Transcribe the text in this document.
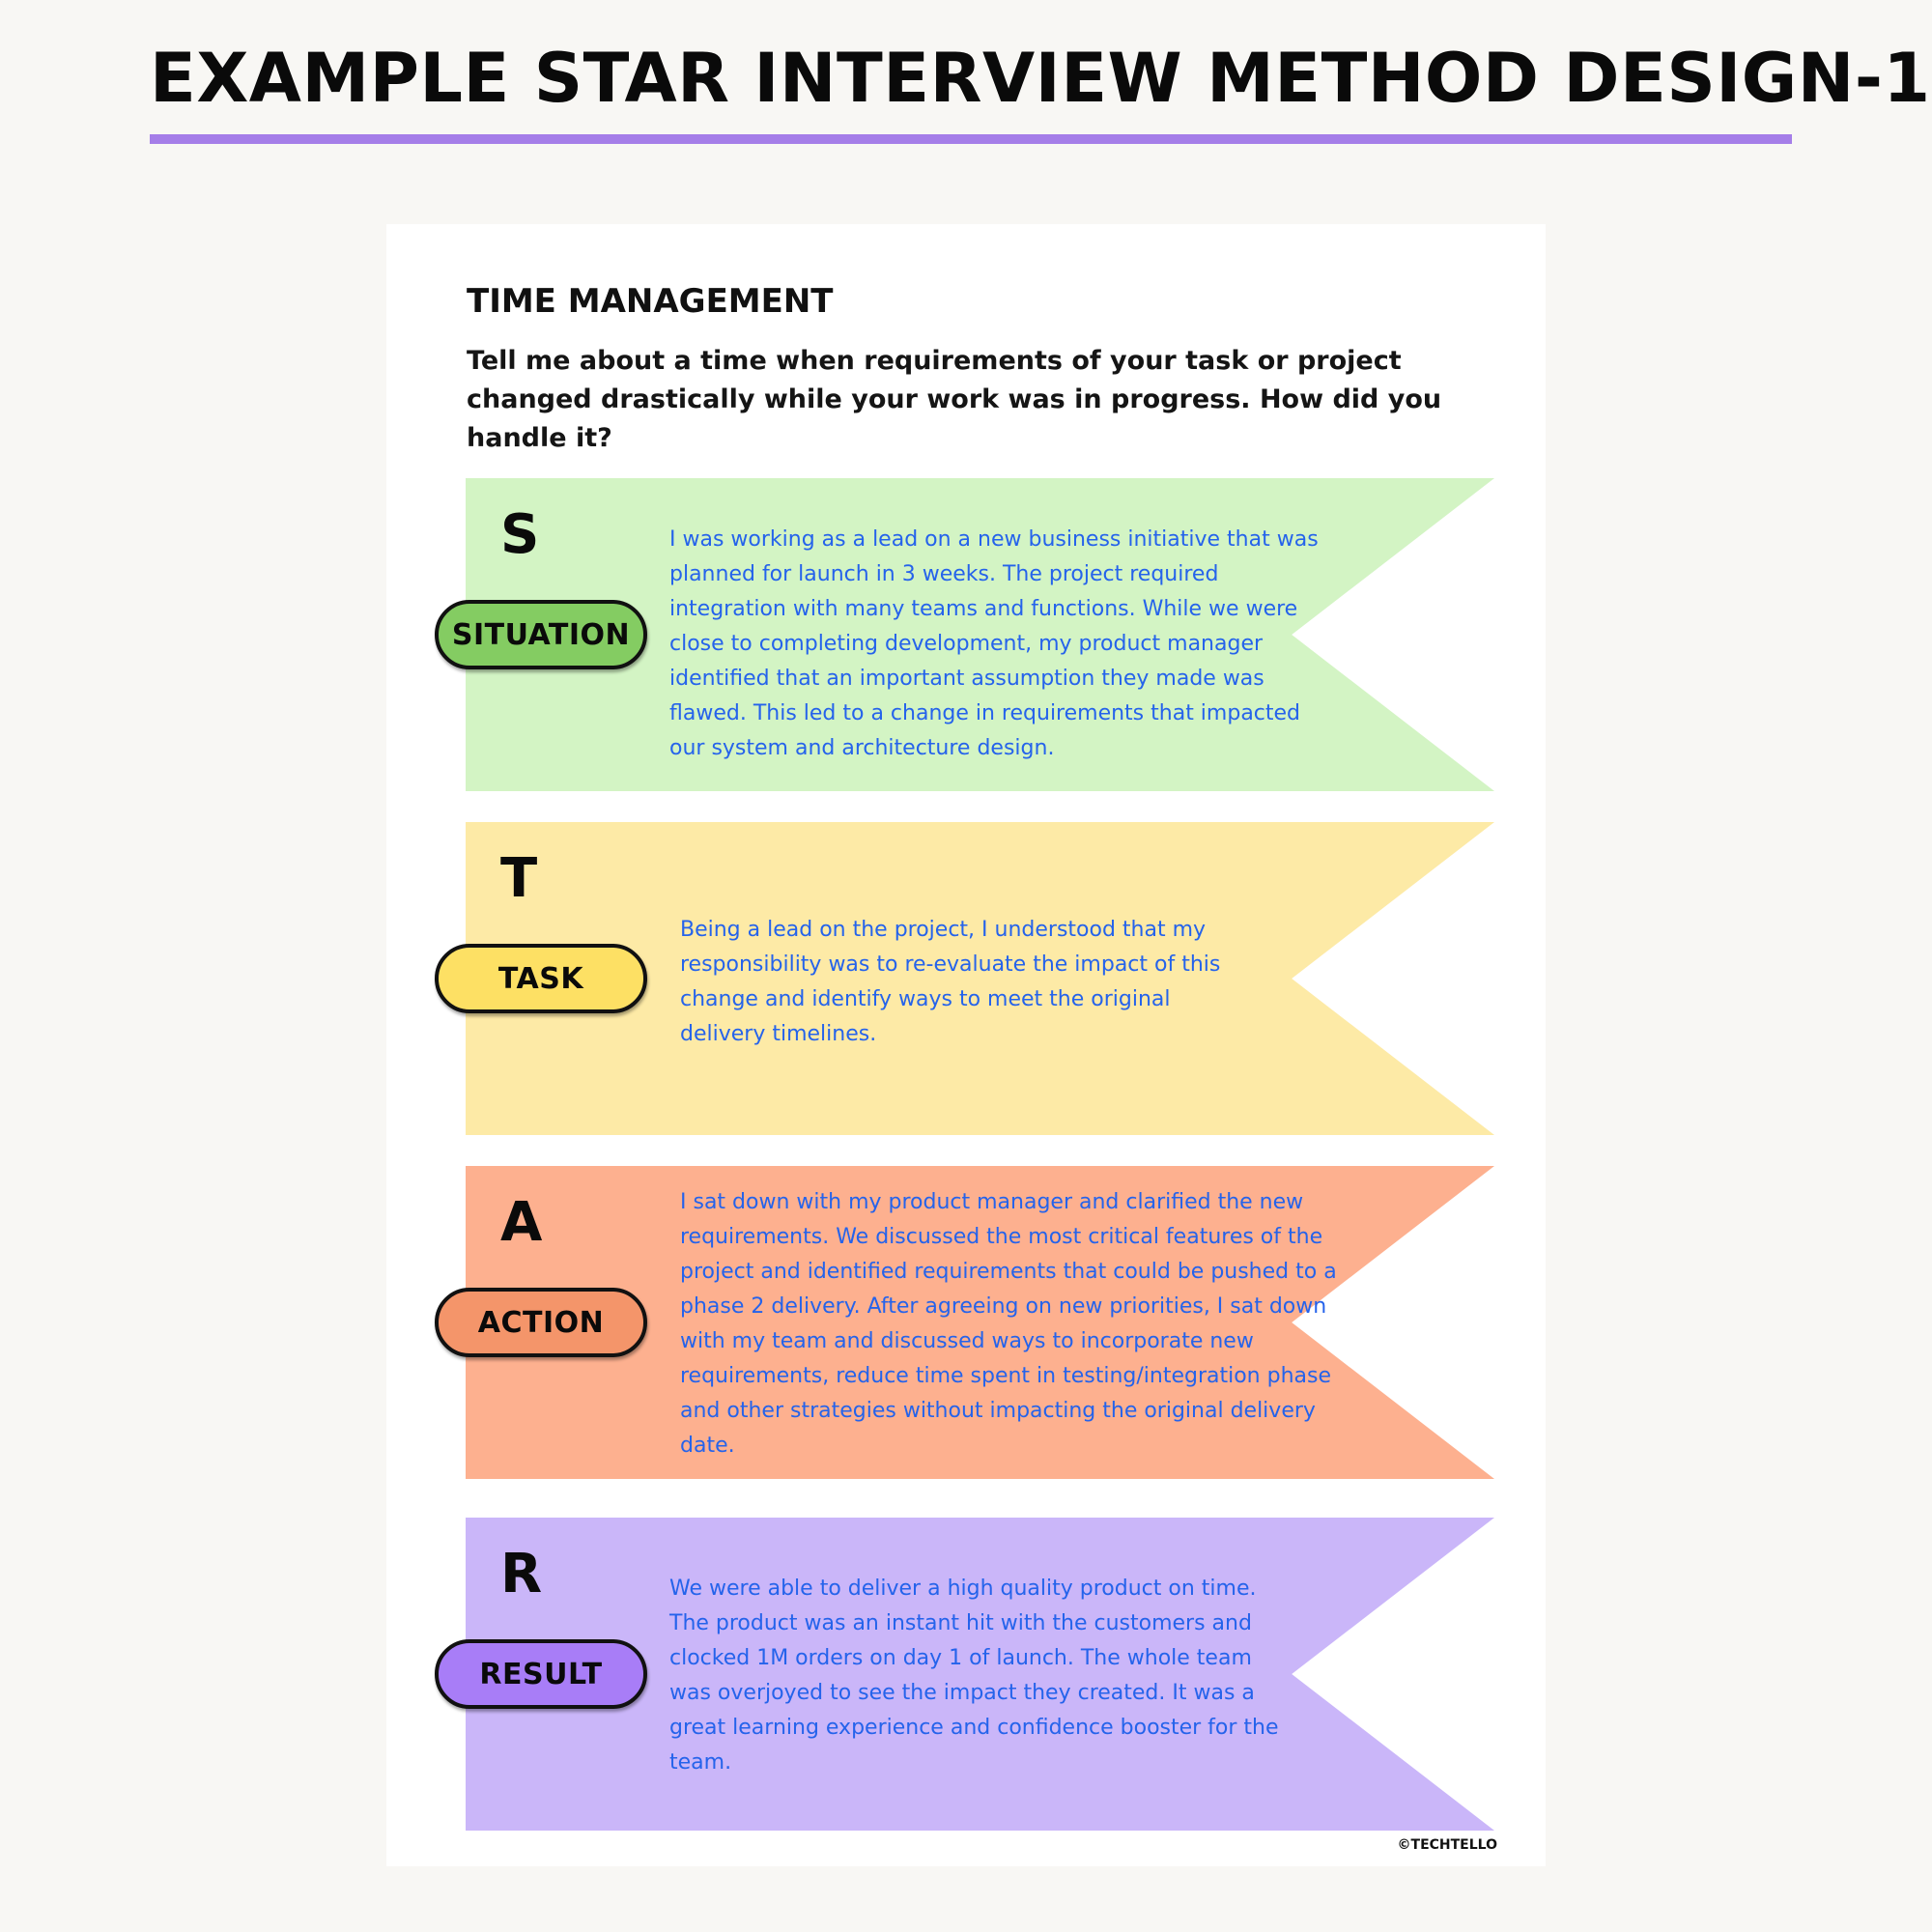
EXAMPLE STAR INTERVIEW METHOD DESIGN-1
TIME MANAGEMENT

Tell me about a time when requirements of your task or project changed drastically while your work was in progress. How did you handle it?

S

SITUATION

I was working as a lead on a new business initiative that was planned for launch in 3 weeks. The project required integration with many teams and functions. While we were close to completing development, my product manager identified that an important assumption they made was flawed. This led to a change in requirements that impacted our system and architecture design.

T

TASK

Being a lead on the project, I understood that my responsibility was to re-evaluate the impact of this change and identify ways to meet the original delivery timelines.

A

ACTION

I sat down with my product manager and clarified the new requirements. We discussed the most critical features of the project and identified requirements that could be pushed to a phase 2 delivery. After agreeing on new priorities, I sat down with my team and discussed ways to incorporate new requirements, reduce time spent in testing/integration phase and other strategies without impacting the original delivery date.

R

RESULT

We were able to deliver a high quality product on time. The product was an instant hit with the customers and clocked 1M orders on day 1 of launch. The whole team was overjoyed to see the impact they created. It was a great learning experience and confidence booster for the team.

©TECHTELLO
